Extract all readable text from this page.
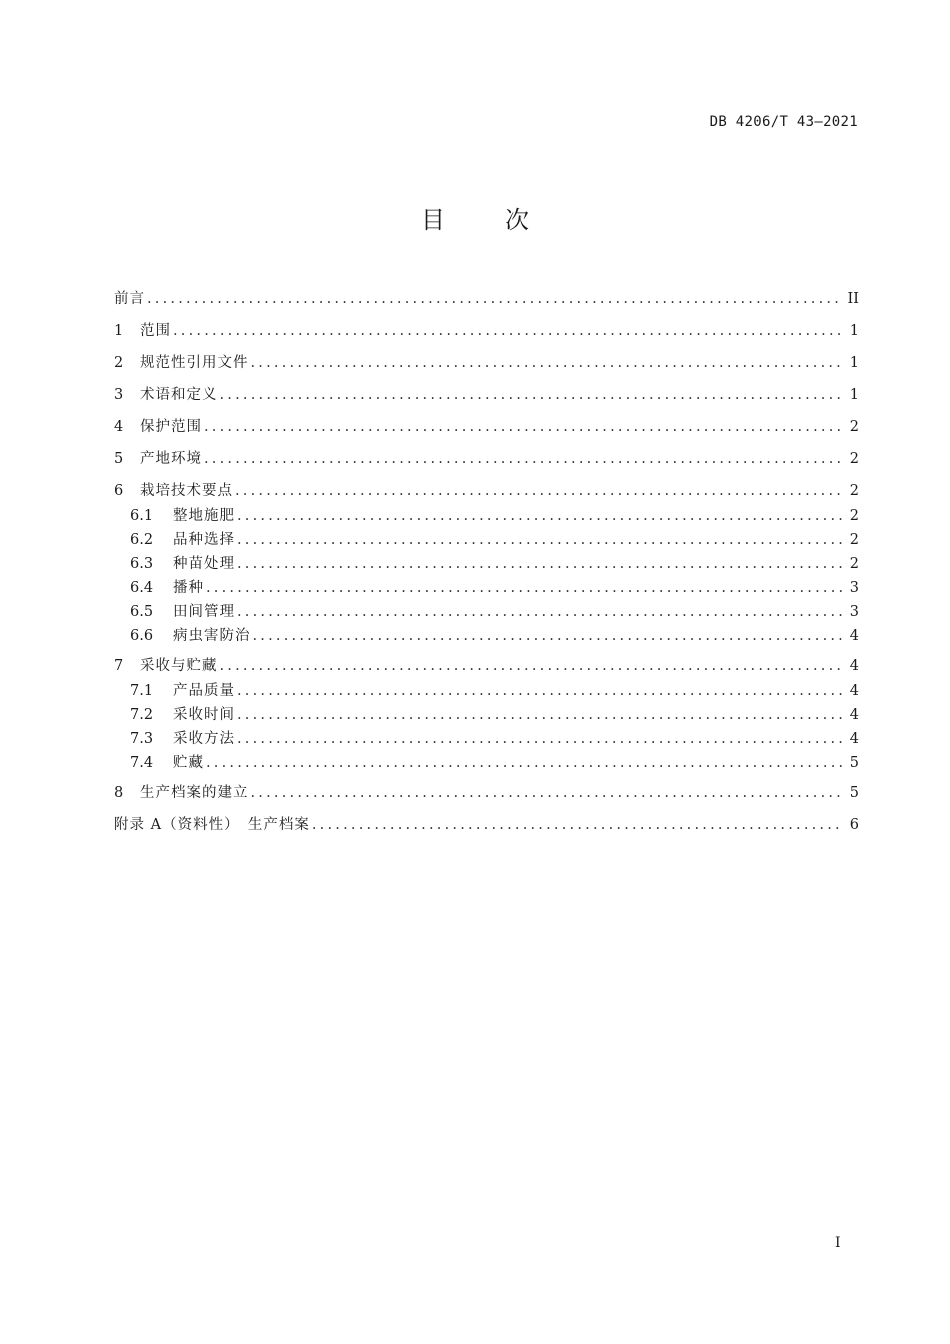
DB 4206/T 43—2021
目	次
前言 .....	II
1	范围 .....	1
2	规范性引用文件 .....	1
3	术语和定义 .....	1
4	保护范围 .....	2
5	产地环境 .....	2
6	栽培技术要点 .....	2
6.1	整地施肥 .....	2
6.2	品种选择 .....	2
6.3	种苗处理 .....	2
6.4	播种 .....	3
6.5	田间管理 .....	3
6.6	病虫害防治 .....	4
7	采收与贮藏 .....	4
7.1	产品质量 .....	4
7.2	采收时间 .....	4
7.3	采收方法 .....	4
7.4	贮藏 .....	5
8	生产档案的建立 .....	5
附录 A（资料性）　生产档案 .....	6
I
